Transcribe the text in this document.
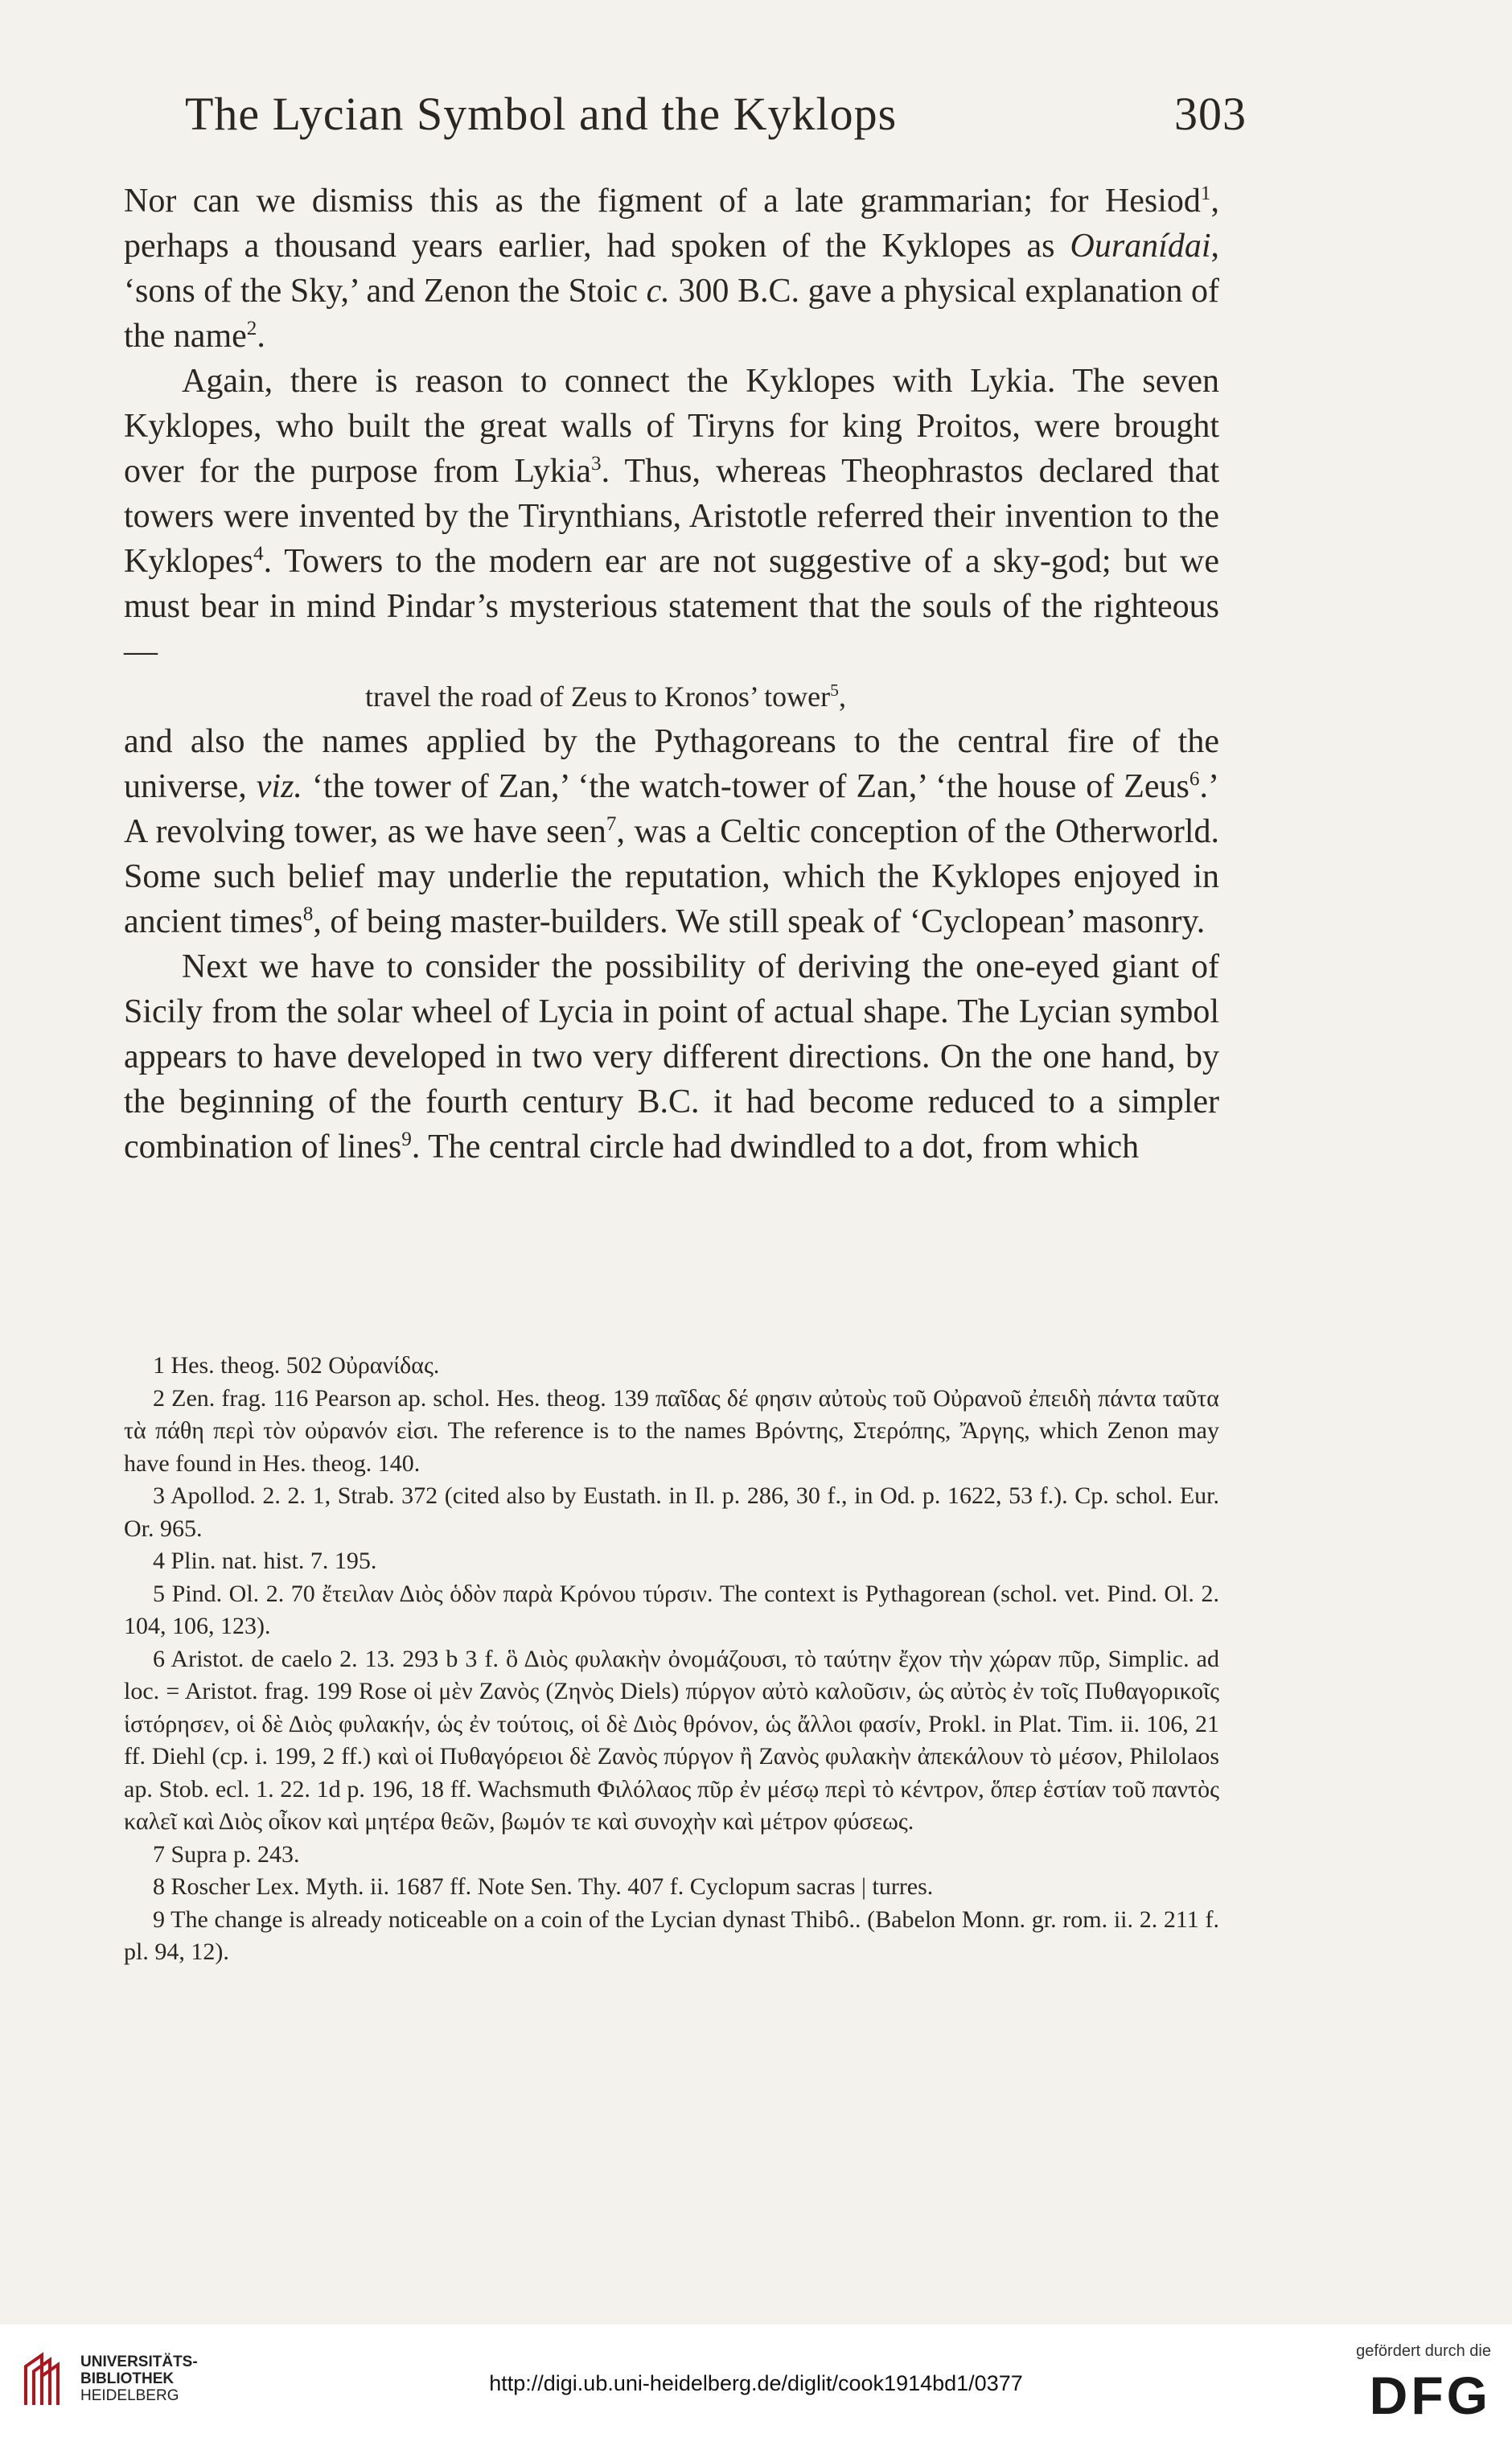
The Lycian Symbol and the Kyklops	303

Nor can we dismiss this as the figment of a late grammarian; for Hesiod$^1$, perhaps a thousand years earlier, had spoken of the Kyklopes as Ouranídai, ‘sons of the Sky,’ and Zenon the Stoic c. 300 B.C. gave a physical explanation of the name$^2$.

Again, there is reason to connect the Kyklopes with Lykia. The seven Kyklopes, who built the great walls of Tiryns for king Proitos, were brought over for the purpose from Lykia$^3$. Thus, whereas Theophrastos declared that towers were invented by the Tirynthians, Aristotle referred their invention to the Kyklopes$^4$. Towers to the modern ear are not suggestive of a sky-god; but we must bear in mind Pindar’s mysterious statement that the souls of the righteous—

travel the road of Zeus to Kronos’ tower$^5$,

and also the names applied by the Pythagoreans to the central fire of the universe, viz. ‘the tower of Zan,’ ‘the watch-tower of Zan,’ ‘the house of Zeus$^6$.’ A revolving tower, as we have seen$^7$, was a Celtic conception of the Otherworld. Some such belief may underlie the reputation, which the Kyklopes enjoyed in ancient times$^8$, of being master-builders. We still speak of ‘Cyclopean’ masonry.

Next we have to consider the possibility of deriving the one-eyed giant of Sicily from the solar wheel of Lycia in point of actual shape. The Lycian symbol appears to have developed in two very different directions. On the one hand, by the beginning of the fourth century B.C. it had become reduced to a simpler combination of lines$^9$. The central circle had dwindled to a dot, from which

1 Hes. theog. 502 Οὐρανίδας.

2 Zen. frag. 116 Pearson ap. schol. Hes. theog. 139 παῖδας δέ φησιν αὐτοὺς τοῦ Οὐρανοῦ ἐπειδὴ πάντα ταῦτα τὰ πάθη περὶ τὸν οὐρανόν εἰσι. The reference is to the names Βρόντης, Στερόπης, Ἄργης, which Zenon may have found in Hes. theog. 140.

3 Apollod. 2. 2. 1, Strab. 372 (cited also by Eustath. in Il. p. 286, 30 f., in Od. p. 1622, 53 f.). Cp. schol. Eur. Or. 965.

4 Plin. nat. hist. 7. 195.

5 Pind. Ol. 2. 70 ἔτειλαν Διὸς ὁδὸν παρὰ Κρόνου τύρσιν. The context is Pythagorean (schol. vet. Pind. Ol. 2. 104, 106, 123).

6 Aristot. de caelo 2. 13. 293 b 3 f. ὃ Διὸς φυλακὴν ὀνομάζουσι, τὸ ταύτην ἔχον τὴν χώραν πῦρ, Simplic. ad loc. = Aristot. frag. 199 Rose οἱ μὲν Ζανὸς (Ζηνὸς Diels) πύργον αὐτὸ καλοῦσιν, ὡς αὐτὸς ἐν τοῖς Πυθαγορικοῖς ἱστόρησεν, οἱ δὲ Διὸς φυλακήν, ὡς ἐν τούτοις, οἱ δὲ Διὸς θρόνον, ὡς ἄλλοι φασίν, Prokl. in Plat. Tim. ii. 106, 21 ff. Diehl (cp. i. 199, 2 ff.) καὶ οἱ Πυθαγόρειοι δὲ Ζανὸς πύργον ἢ Ζανὸς φυλακὴν ἀπεκάλουν τὸ μέσον, Philolaos ap. Stob. ecl. 1. 22. 1d p. 196, 18 ff. Wachsmuth Φιλόλαος πῦρ ἐν μέσῳ περὶ τὸ κέντρον, ὅπερ ἑστίαν τοῦ παντὸς καλεῖ καὶ Διὸς οἶκον καὶ μητέρα θεῶν, βωμόν τε καὶ συνοχὴν καὶ μέτρον φύσεως.

7 Supra p. 243.

8 Roscher Lex. Myth. ii. 1687 ff. Note Sen. Thy. 407 f. Cyclopum sacras | turres.

9 The change is already noticeable on a coin of the Lycian dynast Thibô.. (Babelon Monn. gr. rom. ii. 2. 211 f. pl. 94, 12).

UNIVERSITÄTS-
BIBLIOTHEK
HEIDELBERG	http://digi.ub.uni-heidelberg.de/diglit/cook1914bd1/0377
gefördert durch die
DFG
